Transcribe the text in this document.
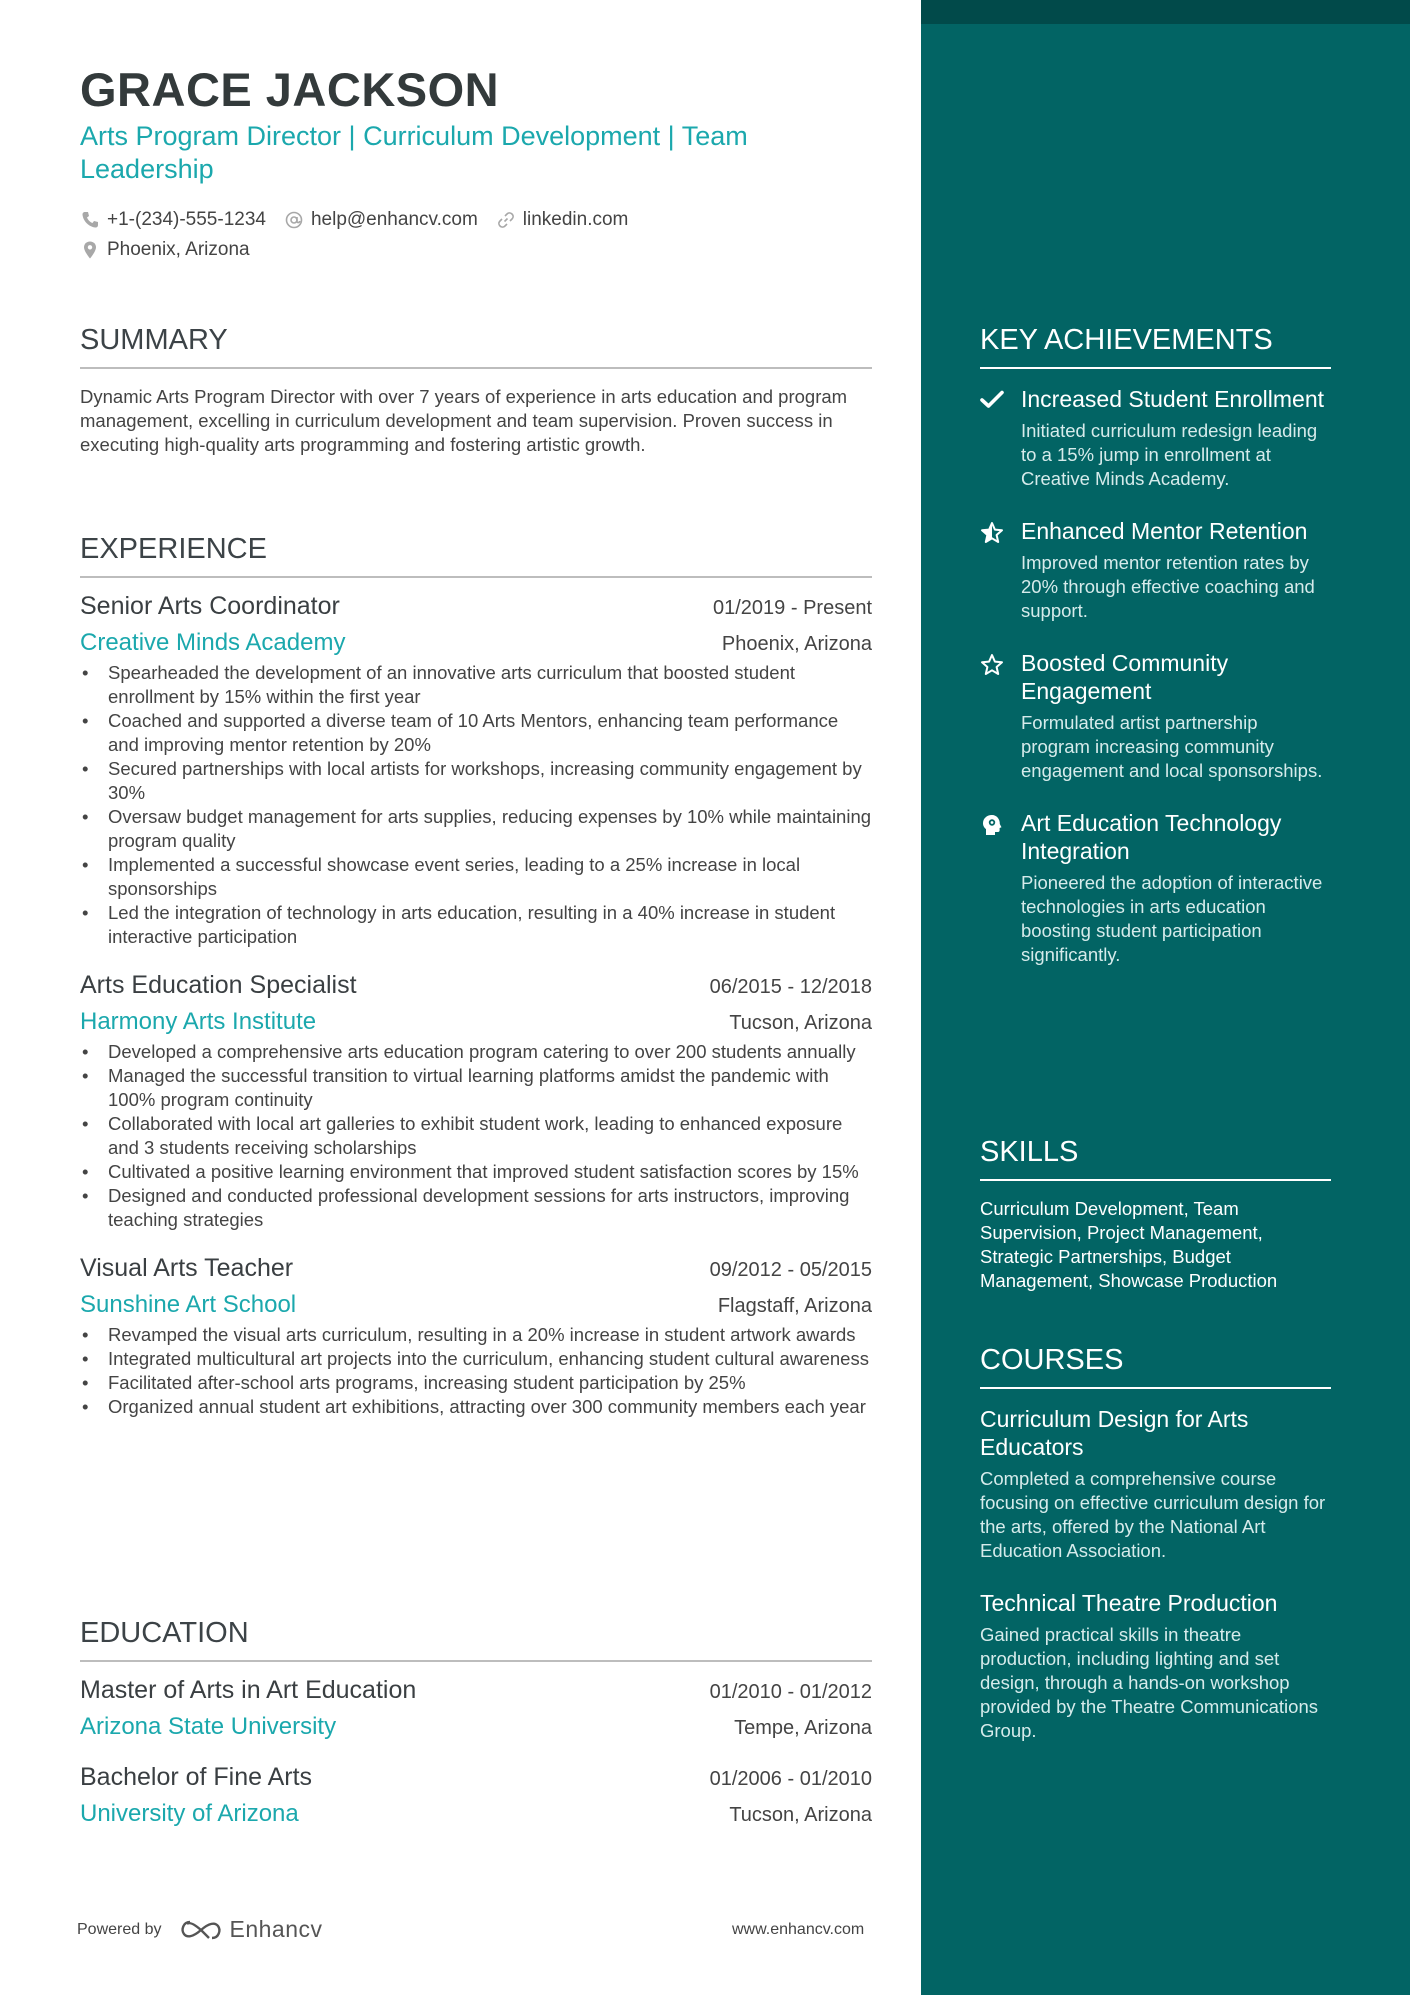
GRACE JACKSON
Arts Program Director | Curriculum Development | Team Leadership
+1-(234)-555-1234 help@enhancv.com linkedin.com
Phoenix, Arizona
SUMMARY

Dynamic Arts Program Director with over 7 years of experience in arts education and program management, excelling in curriculum development and team supervision. Proven success in executing high-quality arts programming and fostering artistic growth.

EXPERIENCE
Senior Arts Coordinator	01/2019 - Present
Creative Minds Academy	Phoenix, Arizona
• Spearheaded the development of an innovative arts curriculum that boosted student enrollment by 15% within the first year
• Coached and supported a diverse team of 10 Arts Mentors, enhancing team performance and improving mentor retention by 20%
• Secured partnerships with local artists for workshops, increasing community engagement by 30%
• Oversaw budget management for arts supplies, reducing expenses by 10% while maintaining program quality
• Implemented a successful showcase event series, leading to a 25% increase in local sponsorships
• Led the integration of technology in arts education, resulting in a 40% increase in student interactive participation
Arts Education Specialist	06/2015 - 12/2018
Harmony Arts Institute	Tucson, Arizona
• Developed a comprehensive arts education program catering to over 200 students annually
• Managed the successful transition to virtual learning platforms amidst the pandemic with 100% program continuity
• Collaborated with local art galleries to exhibit student work, leading to enhanced exposure and 3 students receiving scholarships
• Cultivated a positive learning environment that improved student satisfaction scores by 15%
• Designed and conducted professional development sessions for arts instructors, improving teaching strategies
Visual Arts Teacher	09/2012 - 05/2015
Sunshine Art School	Flagstaff, Arizona
• Revamped the visual arts curriculum, resulting in a 20% increase in student artwork awards
• Integrated multicultural art projects into the curriculum, enhancing student cultural awareness
• Facilitated after-school arts programs, increasing student participation by 25%
• Organized annual student art exhibitions, attracting over 300 community members each year
EDUCATION
Master of Arts in Art Education	01/2010 - 01/2012
Arizona State University	Tempe, Arizona
Bachelor of Fine Arts	01/2006 - 01/2010
University of Arizona	Tucson, Arizona
Powered by	Enhancv	www.enhancv.com
KEY ACHIEVEMENTS
Increased Student Enrollment
Initiated curriculum redesign leading to a 15% jump in enrollment at Creative Minds Academy.
Enhanced Mentor Retention
Improved mentor retention rates by 20% through effective coaching and support.
Boosted Community Engagement
Formulated artist partnership program increasing community engagement and local sponsorships.
Art Education Technology Integration
Pioneered the adoption of interactive technologies in arts education boosting student participation significantly.
SKILLS

Curriculum Development, Team Supervision, Project Management, Strategic Partnerships, Budget Management, Showcase Production

COURSES
Curriculum Design for Arts Educators
Completed a comprehensive course focusing on effective curriculum design for the arts, offered by the National Art Education Association.
Technical Theatre Production
Gained practical skills in theatre production, including lighting and set design, through a hands-on workshop provided by the Theatre Communications Group.
